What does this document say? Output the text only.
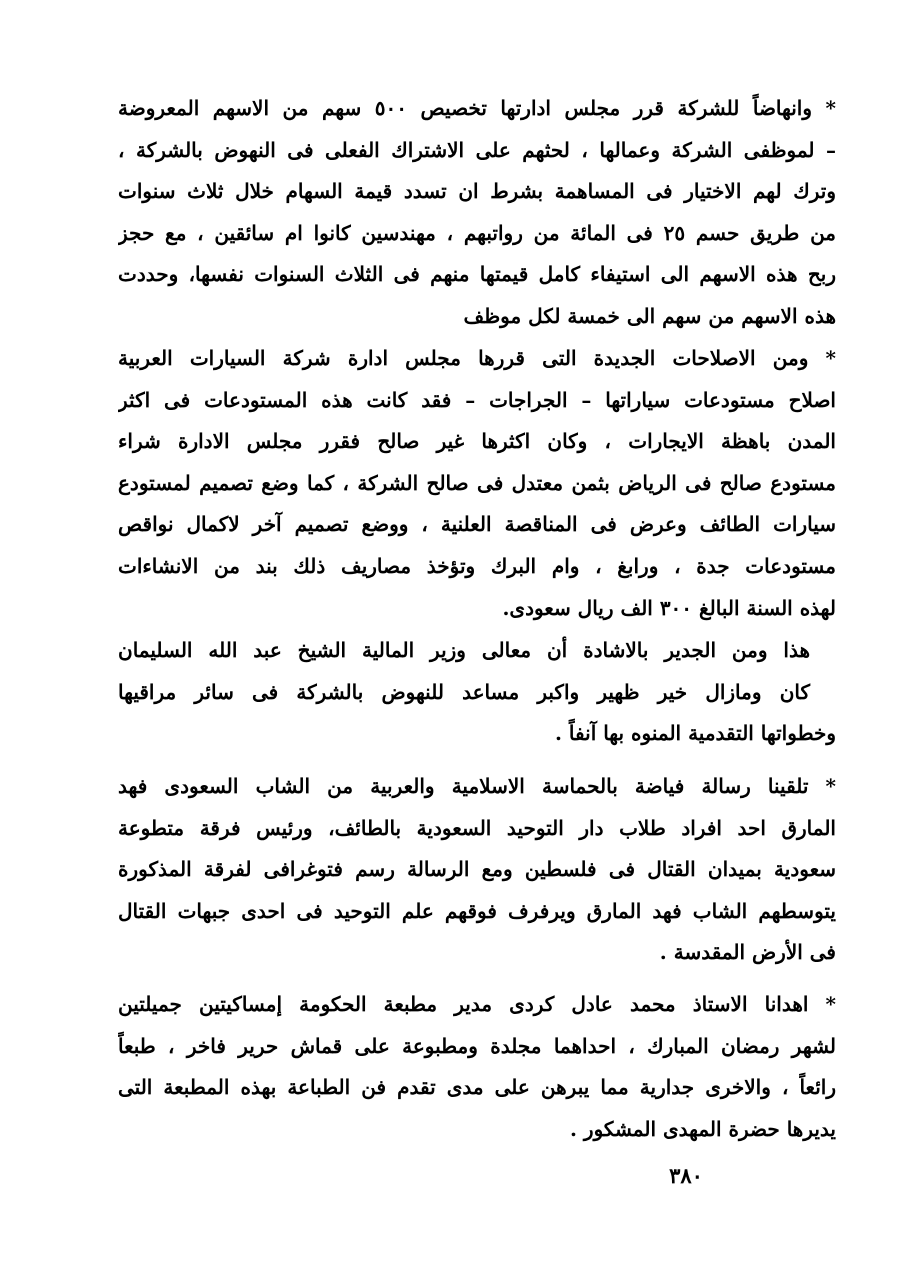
* وانهاضاً للشركة قرر مجلس ادارتها تخصيص ٥٠٠ سهم من الاسهم المعروضة
– لموظفى الشركة وعمالها ، لحثهم على الاشتراك الفعلى فى النهوض بالشركة ،
وترك لهم الاختيار فى المساهمة بشرط ان تسدد قيمة السهام خلال ثلاث سنوات
من طريق حسم ٢٥ فى المائة من رواتبهم ، مهندسين كانوا ام سائقين ، مع حجز
ربح هذه الاسهم الى استيفاء كامل قيمتها منهم فى الثلاث السنوات نفسها، وحددت
هذه الاسهم من سهم الى خمسة لكل موظف
* ومن الاصلاحات الجديدة التى قررها مجلس ادارة شركة السيارات العربية
اصلاح مستودعات سياراتها – الجراجات – فقد كانت هذه المستودعات فى اكثر
المدن باهظة الايجارات ، وكان اكثرها غير صالح فقرر مجلس الادارة شراء
مستودع صالح فى الرياض بثمن معتدل فى صالح الشركة ، كما وضع تصميم لمستودع
سيارات الطائف وعرض فى المناقصة العلنية ، ووضع تصميم آخر لاكمال نواقص
مستودعات جدة ، ورابغ ، وام البرك وتؤخذ مصاريف ذلك بند من الانشاءات
لهذه السنة البالغ ٣٠٠ الف ريال سعودى.
هذا ومن الجدير بالاشادة أن معالى وزير المالية الشيخ عبد الله السليمان
كان ومازال خير ظهير واكبر مساعد للنهوض بالشركة فى سائر مراقيها
وخطواتها التقدمية المنوه بها آنفاً .
* تلقينا رسالة فياضة بالحماسة الاسلامية والعربية من الشاب السعودى فهد
المارق احد افراد طلاب دار التوحيد السعودية بالطائف، ورئيس فرقة متطوعة
سعودية بميدان القتال فى فلسطين ومع الرسالة رسم فتوغرافى لفرقة المذكورة
يتوسطهم الشاب فهد المارق ويرفرف فوقهم علم التوحيد فى احدى جبهات القتال
فى الأرض المقدسة .
* اهدانا الاستاذ محمد عادل كردى مدير مطبعة الحكومة إمساكيتين جميلتين
لشهر رمضان المبارك ، احداهما مجلدة ومطبوعة على قماش حرير فاخر ، طبعاً
رائعاً ، والاخرى جدارية مما يبرهن على مدى تقدم فن الطباعة بهذه المطبعة التى
يديرها حضرة المهدى المشكور .
٣٨٠
